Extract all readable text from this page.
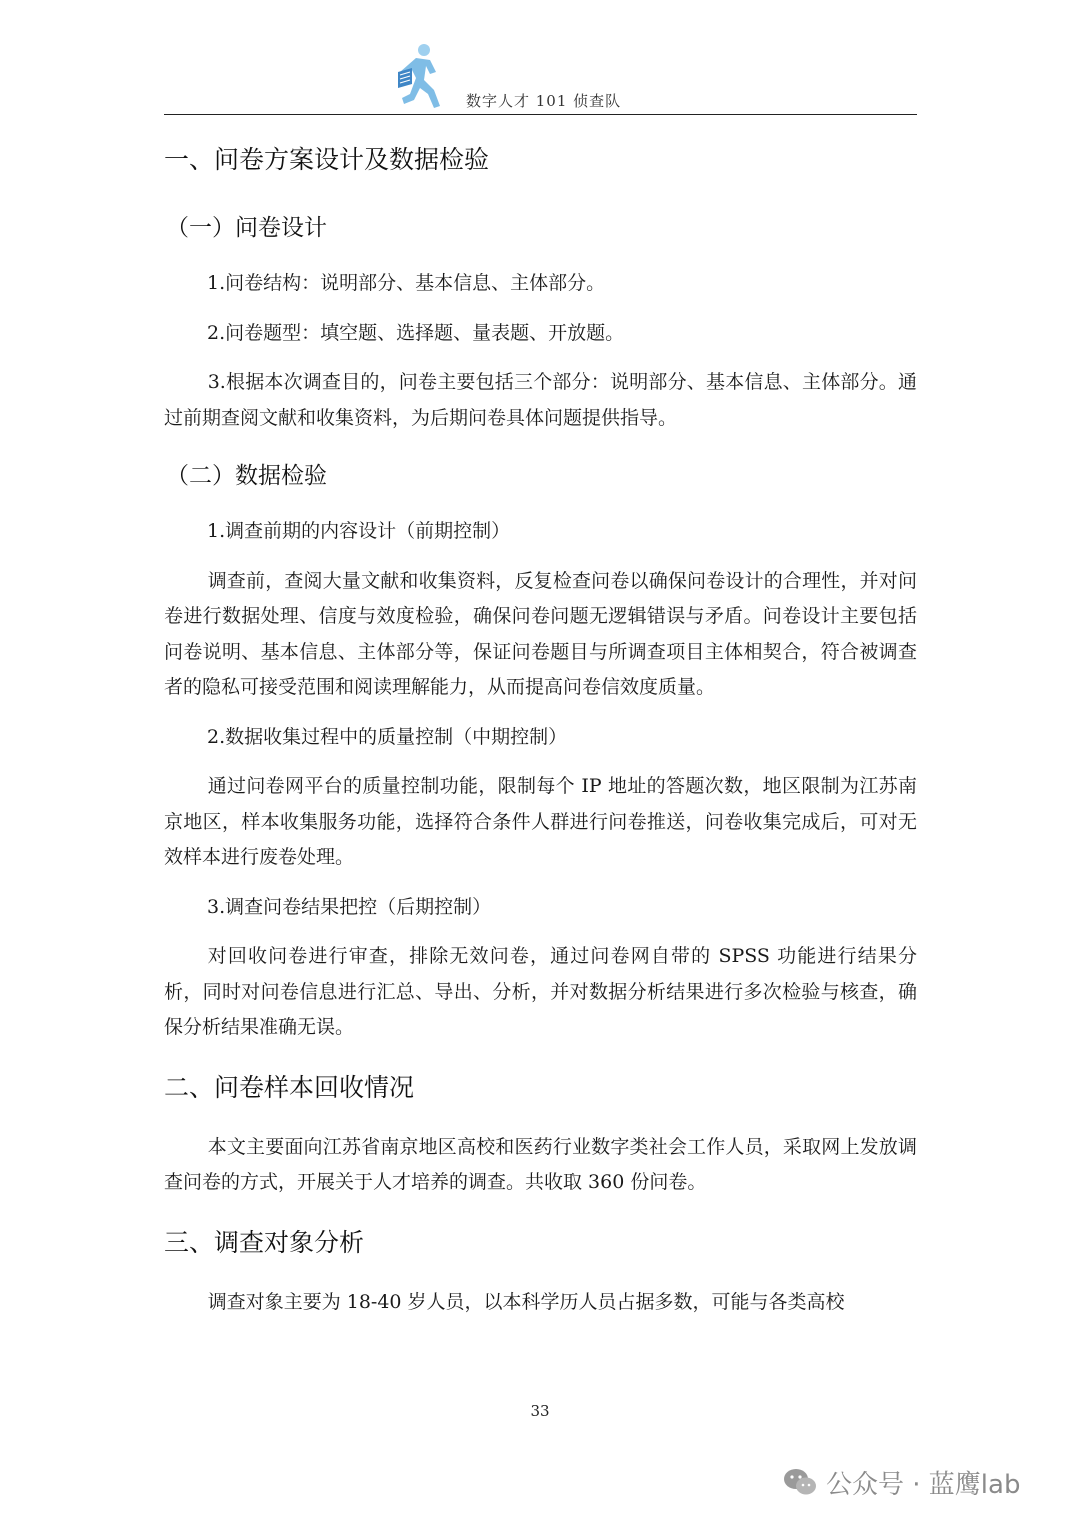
数字人才 101 侦查队
一、问卷方案设计及数据检验
（一）问卷设计

1.问卷结构：说明部分、基本信息、主体部分。

2.问卷题型：填空题、选择题、量表题、开放题。

3.根据本次调查目的，问卷主要包括三个部分：说明部分、基本信息、主体部分。通过前期查阅文献和收集资料，为后期问卷具体问题提供指导。

（二）数据检验

1.调查前期的内容设计（前期控制）

调查前，查阅大量文献和收集资料，反复检查问卷以确保问卷设计的合理性，并对问卷进行数据处理、信度与效度检验，确保问卷问题无逻辑错误与矛盾。问卷设计主要包括问卷说明、基本信息、主体部分等，保证问卷题目与所调查项目主体相契合，符合被调查者的隐私可接受范围和阅读理解能力，从而提高问卷信效度质量。

2.数据收集过程中的质量控制（中期控制）

通过问卷网平台的质量控制功能，限制每个 IP 地址的答题次数，地区限制为江苏南京地区，样本收集服务功能，选择符合条件人群进行问卷推送，问卷收集完成后，可对无效样本进行废卷处理。

3.调查问卷结果把控（后期控制）

对回收问卷进行审查，排除无效问卷，通过问卷网自带的 SPSS 功能进行结果分析，同时对问卷信息进行汇总、导出、分析，并对数据分析结果进行多次检验与核查，确保分析结果准确无误。

二、问卷样本回收情况

本文主要面向江苏省南京地区高校和医药行业数字类社会工作人员，采取网上发放调查问卷的方式，开展关于人才培养的调查。共收取 360 份问卷。

三、调查对象分析

调查对象主要为 18-40 岁人员，以本科学历人员占据多数，可能与各类高校

33
公众号 · 蓝鹰lab
